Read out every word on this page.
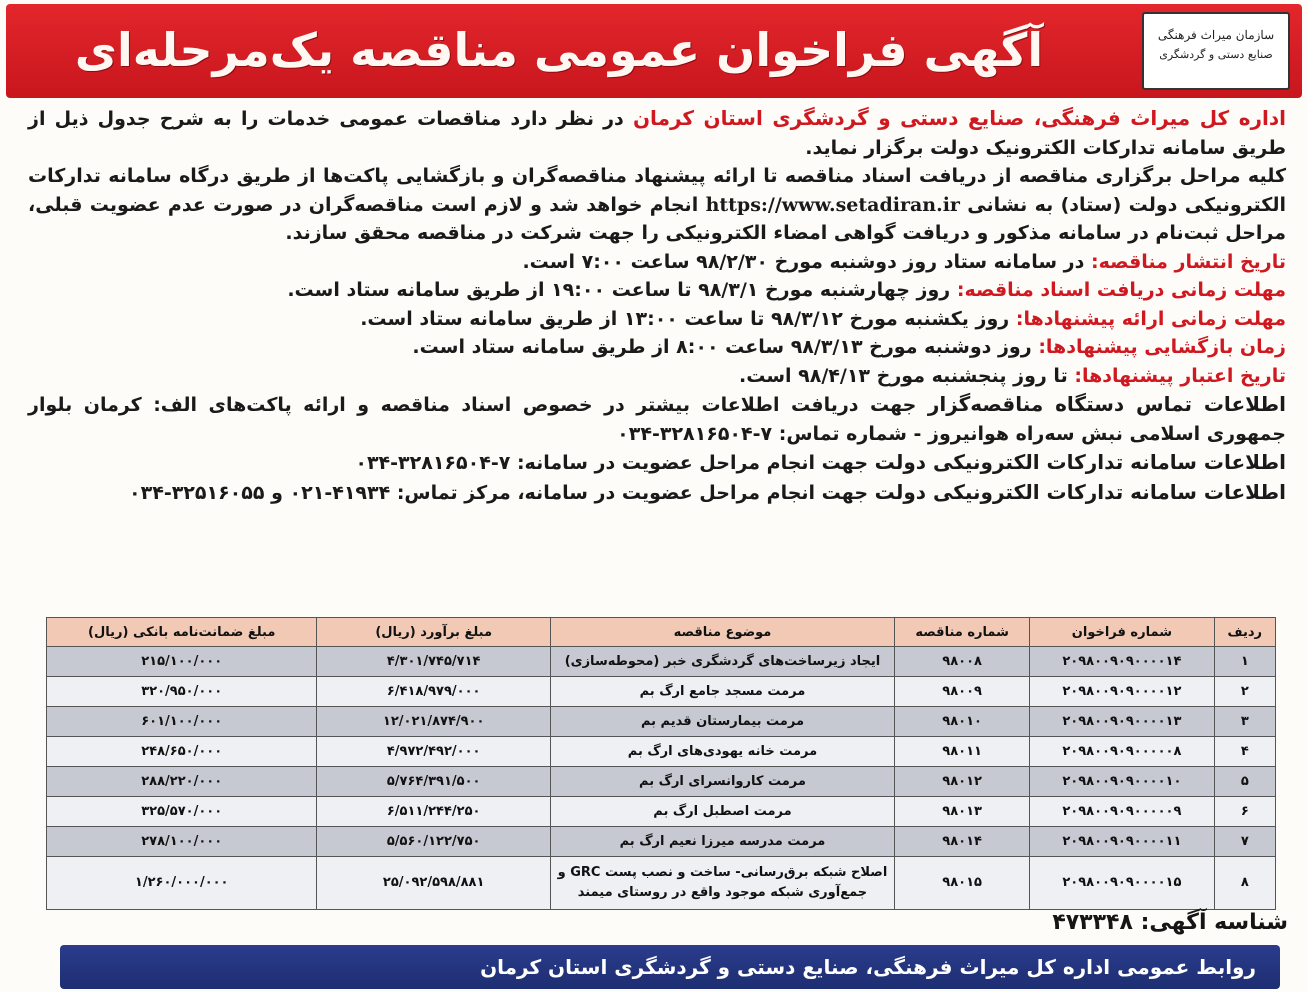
آگهی فراخوان عمومی مناقصه یک‌مرحله‌ای	سازمان میراث فرهنگی
صنایع دستی و گردشگری

اداره کل میراث فرهنگی، صنایع دستی و گردشگری استان کرمان در نظر دارد مناقصات عمومی خدمات را به شرح جدول ذیل از طریق سامانه تدارکات الکترونیک دولت برگزار نماید.

کلیه مراحل برگزاری مناقصه از دریافت اسناد مناقصه تا ارائه پیشنهاد مناقصه‌گران و بازگشایی پاکت‌ها از طریق درگاه سامانه تدارکات الکترونیکی دولت (ستاد) به نشانی https://www.setadiran.ir انجام خواهد شد و لازم است مناقصه‌گران در صورت عدم عضویت قبلی، مراحل ثبت‌نام در سامانه مذکور و دریافت گواهی امضاء الکترونیکی را جهت شرکت در مناقصه محقق سازند.

تاریخ انتشار مناقصه: در سامانه ستاد روز دوشنبه مورخ ۹۸/۲/۳۰ ساعت ۷:۰۰ است.

مهلت زمانی دریافت اسناد مناقصه: روز چهارشنبه مورخ ۹۸/۳/۱ تا ساعت ۱۹:۰۰ از طریق سامانه ستاد است.

مهلت زمانی ارائه پیشنهادها: روز یکشنبه مورخ ۹۸/۳/۱۲ تا ساعت ۱۳:۰۰ از طریق سامانه ستاد است.

زمان بازگشایی پیشنهادها: روز دوشنبه مورخ ۹۸/۳/۱۳ ساعت ۸:۰۰ از طریق سامانه ستاد است.

تاریخ اعتبار پیشنهادها: تا روز پنجشنبه مورخ ۹۸/۴/۱۳ است.

اطلاعات تماس دستگاه مناقصه‌گزار جهت دریافت اطلاعات بیشتر در خصوص اسناد مناقصه و ارائه پاکت‌های الف: کرمان بلوار جمهوری اسلامی نبش سه‌راه هوانیروز - شماره تماس: ۷-۳۲۸۱۶۵۰۴-۰۳۴

اطلاعات سامانه تدارکات الکترونیکی دولت جهت انجام مراحل عضویت در سامانه: ۷-۳۲۸۱۶۵۰۴-۰۳۴

اطلاعات سامانه تدارکات الکترونیکی دولت جهت انجام مراحل عضویت در سامانه، مرکز تماس: ۴۱۹۳۴-۰۲۱ و ۳۲۵۱۶۰۵۵-۰۳۴

ردیف	شماره فراخوان	شماره مناقصه	موضوع مناقصه	مبلغ برآورد (ریال)	مبلغ ضمانت‌نامه بانکی (ریال)
۱	۲۰۹۸۰۰۹۰۹۰۰۰۰۱۴	۹۸۰۰۸	ایجاد زیرساخت‌های گردشگری خبر (محوطه‌سازی)	۴/۳۰۱/۷۴۵/۷۱۴	۲۱۵/۱۰۰/۰۰۰
۲	۲۰۹۸۰۰۹۰۹۰۰۰۰۱۲	۹۸۰۰۹	مرمت مسجد جامع ارگ بم	۶/۴۱۸/۹۷۹/۰۰۰	۳۲۰/۹۵۰/۰۰۰
۳	۲۰۹۸۰۰۹۰۹۰۰۰۰۱۳	۹۸۰۱۰	مرمت بیمارستان قدیم بم	۱۲/۰۲۱/۸۷۴/۹۰۰	۶۰۱/۱۰۰/۰۰۰
۴	۲۰۹۸۰۰۹۰۹۰۰۰۰۰۸	۹۸۰۱۱	مرمت خانه یهودی‌های ارگ بم	۴/۹۷۲/۴۹۲/۰۰۰	۲۴۸/۶۵۰/۰۰۰
۵	۲۰۹۸۰۰۹۰۹۰۰۰۰۱۰	۹۸۰۱۲	مرمت کاروانسرای ارگ بم	۵/۷۶۴/۳۹۱/۵۰۰	۲۸۸/۲۲۰/۰۰۰
۶	۲۰۹۸۰۰۹۰۹۰۰۰۰۰۹	۹۸۰۱۳	مرمت اصطبل ارگ بم	۶/۵۱۱/۲۴۴/۲۵۰	۳۲۵/۵۷۰/۰۰۰
۷	۲۰۹۸۰۰۹۰۹۰۰۰۰۱۱	۹۸۰۱۴	مرمت مدرسه میرزا نعیم ارگ بم	۵/۵۶۰/۱۲۲/۷۵۰	۲۷۸/۱۰۰/۰۰۰
۸	۲۰۹۸۰۰۹۰۹۰۰۰۰۱۵	۹۸۰۱۵	اصلاح شبکه برق‌رسانی- ساخت و نصب پست GRC و جمع‌آوری شبکه موجود واقع در روستای میمند	۲۵/۰۹۲/۵۹۸/۸۸۱	۱/۲۶۰/۰۰۰/۰۰۰
شناسه آگهی: ۴۷۳۳۴۸
روابط عمومی اداره کل میراث فرهنگی، صنایع دستی و گردشگری استان کرمان
